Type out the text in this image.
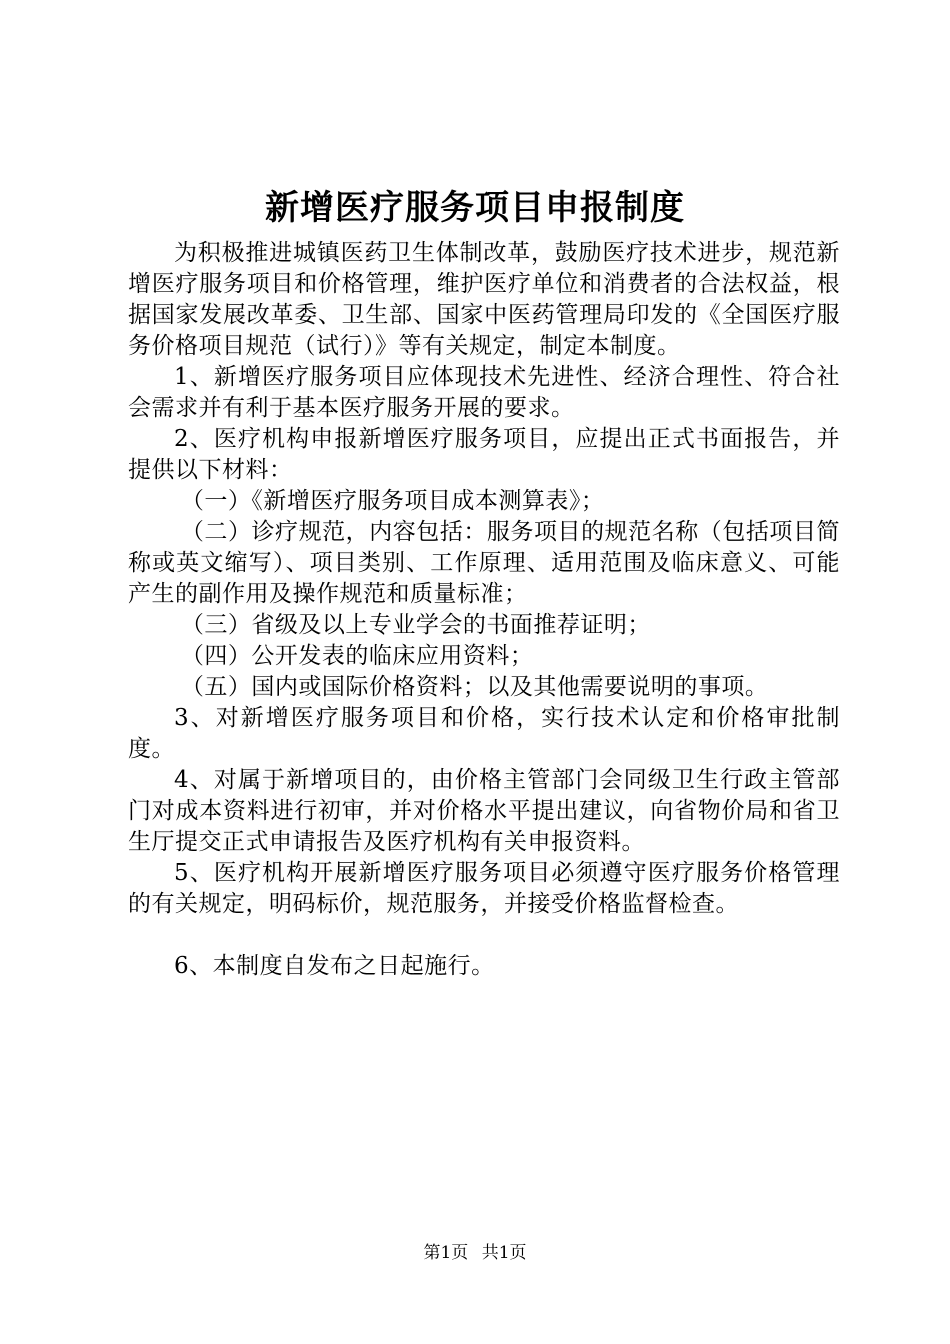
新增医疗服务项目申报制度

为积极推进城镇医药卫生体制改革，鼓励医疗技术进步，规范新增医疗服务项目和价格管理，维护医疗单位和消费者的合法权益，根据国家发展改革委、卫生部、国家中医药管理局印发的《全国医疗服务价格项目规范（试行）》等有关规定，制定本制度。

1、新增医疗服务项目应体现技术先进性、经济合理性、符合社会需求并有利于基本医疗服务开展的要求。

2、医疗机构申报新增医疗服务项目，应提出正式书面报告，并提供以下材料：

（一）《新增医疗服务项目成本测算表》；

（二）诊疗规范，内容包括：服务项目的规范名称（包括项目简称或英文缩写）、项目类别、工作原理、适用范围及临床意义、可能产生的副作用及操作规范和质量标准；

（三）省级及以上专业学会的书面推荐证明；

（四）公开发表的临床应用资料；

（五）国内或国际价格资料；以及其他需要说明的事项。

3、对新增医疗服务项目和价格，实行技术认定和价格审批制度。

4、对属于新增项目的，由价格主管部门会同级卫生行政主管部门对成本资料进行初审，并对价格水平提出建议，向省物价局和省卫生厅提交正式申请报告及医疗机构有关申报资料。

5、医疗机构开展新增医疗服务项目必须遵守医疗服务价格管理的有关规定，明码标价，规范服务，并接受价格监督检查。

6、本制度自发布之日起施行。

第1页 共1页
